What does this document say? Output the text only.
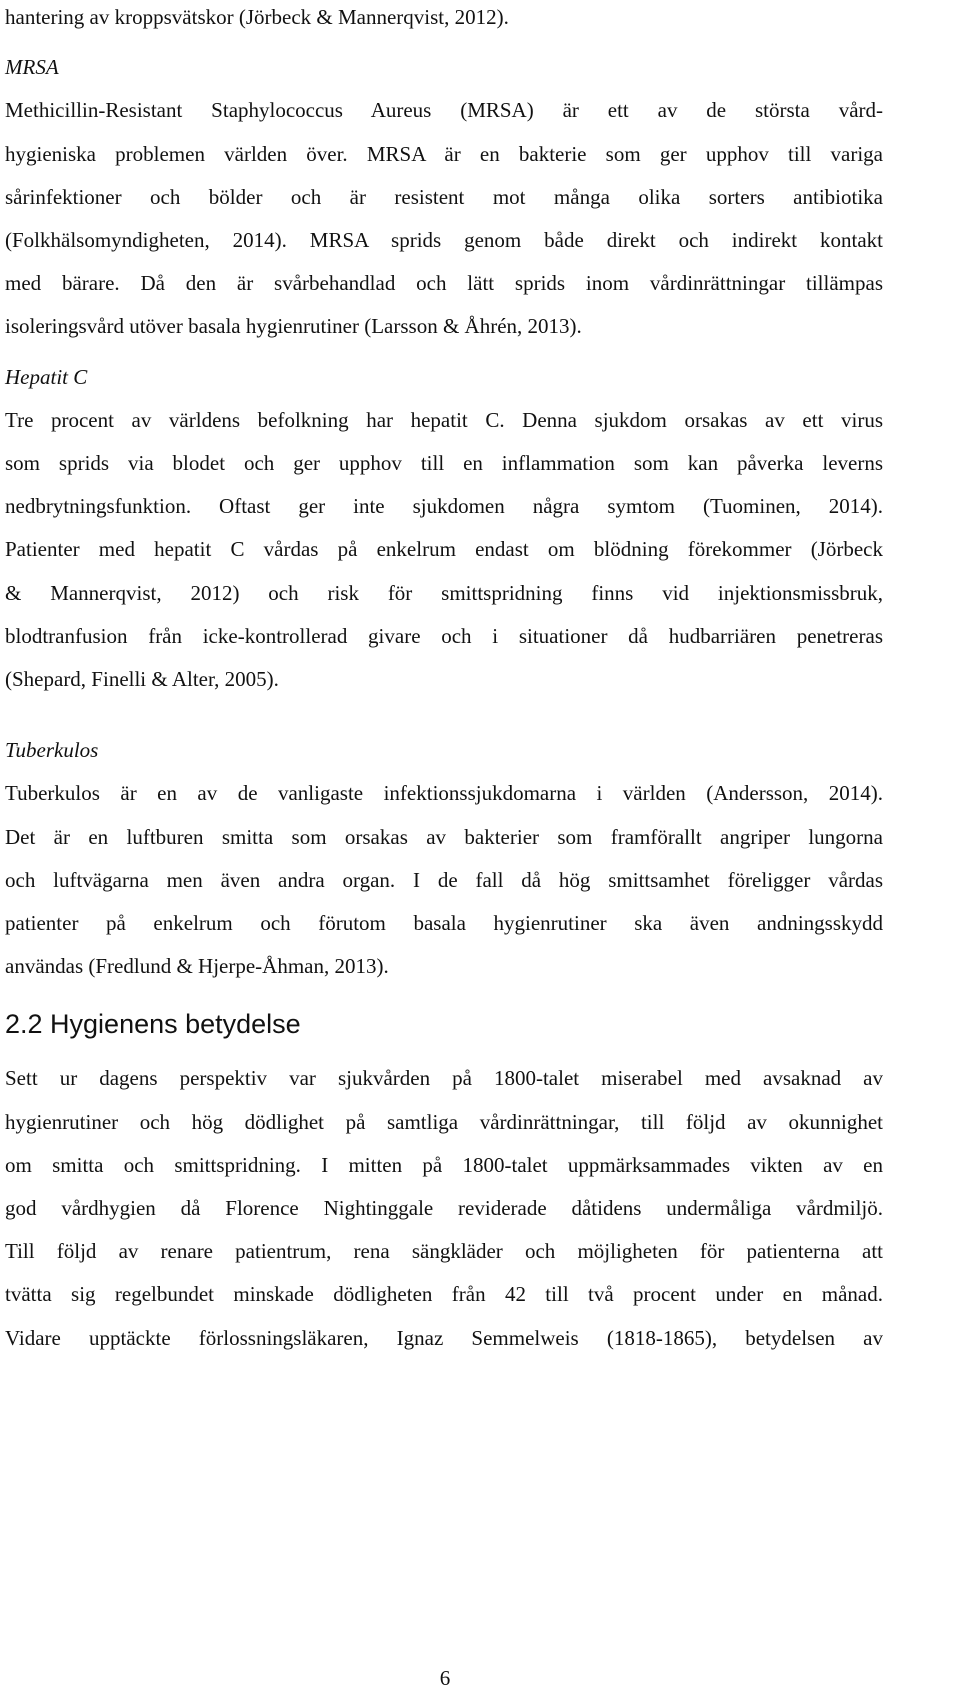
hantering av kroppsvätskor (Jörbeck & Mannerqvist, 2012).
MRSA
Methicillin-Resistant Staphylococcus Aureus (MRSA) är ett av de största vård-
hygieniska problemen världen över. MRSA är en bakterie som ger upphov till variga
sårinfektioner och bölder och är resistent mot många olika sorters antibiotika
(Folkhälsomyndigheten, 2014). MRSA sprids genom både direkt och indirekt kontakt
med bärare. Då den är svårbehandlad och lätt sprids inom vårdinrättningar tillämpas
isoleringsvård utöver basala hygienrutiner (Larsson & Åhrén, 2013).
Hepatit C
Tre procent av världens befolkning har hepatit C. Denna sjukdom orsakas av ett virus
som sprids via blodet och ger upphov till en inflammation som kan påverka leverns
nedbrytningsfunktion. Oftast ger inte sjukdomen några symtom (Tuominen, 2014).
Patienter med hepatit C vårdas på enkelrum endast om blödning förekommer (Jörbeck
& Mannerqvist, 2012) och risk för smittspridning finns vid injektionsmissbruk,
blodtranfusion från icke-kontrollerad givare och i situationer då hudbarriären penetreras
(Shepard, Finelli & Alter, 2005).
Tuberkulos
Tuberkulos är en av de vanligaste infektionssjukdomarna i världen (Andersson, 2014).
Det är en luftburen smitta som orsakas av bakterier som framförallt angriper lungorna
och luftvägarna men även andra organ. I de fall då hög smittsamhet föreligger vårdas
patienter på enkelrum och förutom basala hygienrutiner ska även andningsskydd
användas (Fredlund & Hjerpe-Åhman, 2013).
2.2 Hygienens betydelse
Sett ur dagens perspektiv var sjukvården på 1800-talet miserabel med avsaknad av
hygienrutiner och hög dödlighet på samtliga vårdinrättningar, till följd av okunnighet
om smitta och smittspridning. I mitten på 1800-talet uppmärksammades vikten av en
god vårdhygien då Florence Nightinggale reviderade dåtidens undermåliga vårdmiljö.
Till följd av renare patientrum, rena sängkläder och möjligheten för patienterna att
tvätta sig regelbundet minskade dödligheten från 42 till två procent under en månad.
Vidare upptäckte förlossningsläkaren, Ignaz Semmelweis (1818-1865), betydelsen av
6
